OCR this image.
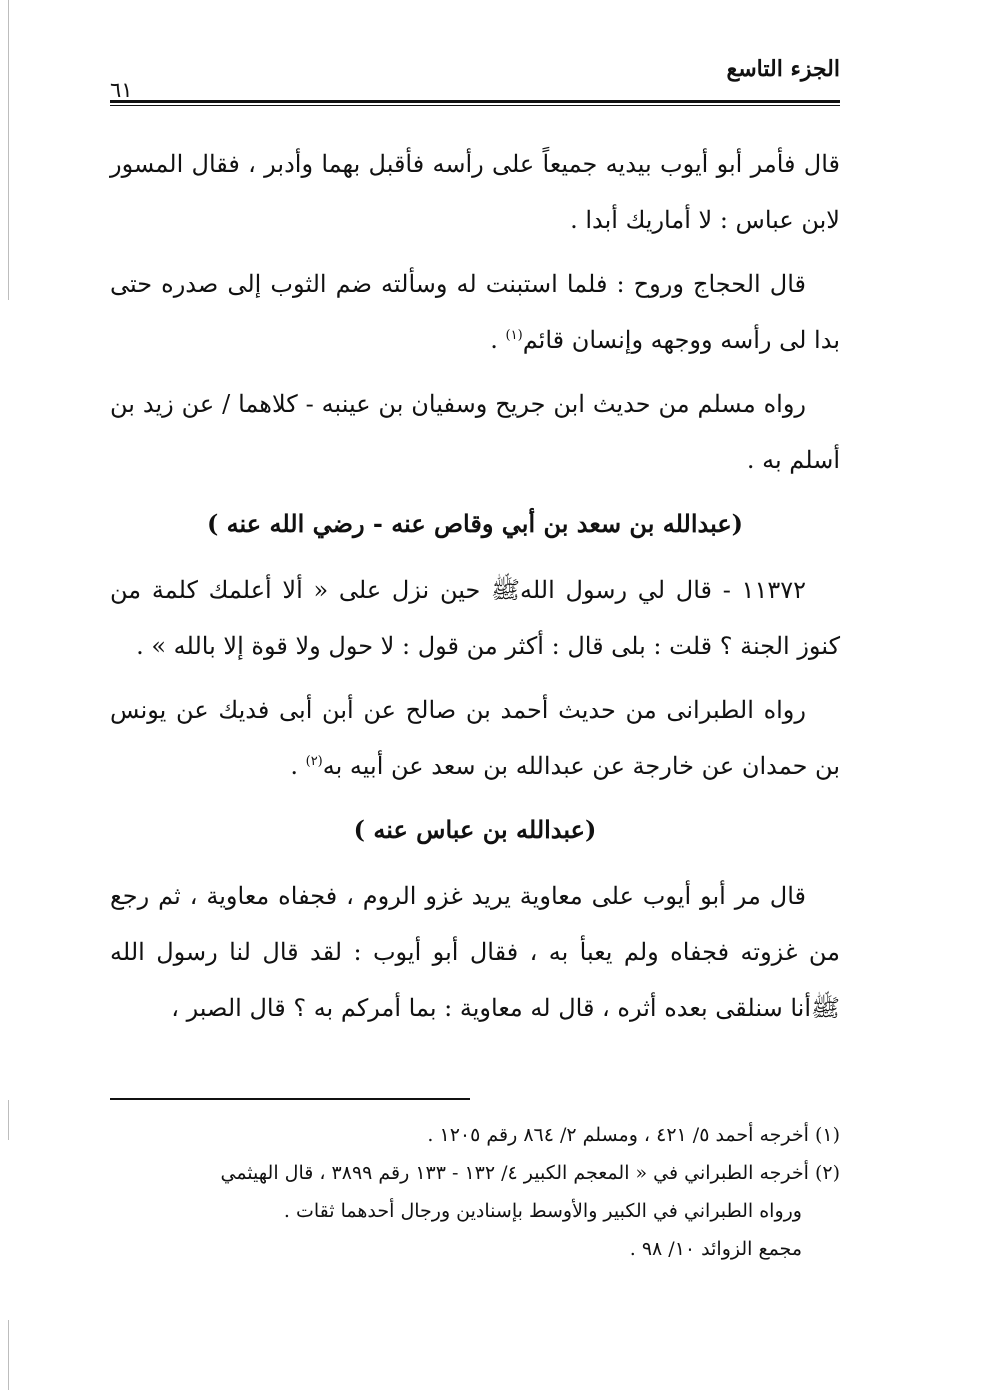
الجزء التاسع
٦١

قال فأمر أبو أيوب بيديه جميعاً على رأسه فأقبل بهما وأدبر ، فقال المسور لابن عباس : لا أماريك أبدا .

قال الحجاج وروح : فلما استبنت له وسألته ضم الثوب إلى صدره حتى بدا لى رأسه ووجهه وإنسان قائم$^{(١)}$ .

رواه مسلم من حديث ابن جريح وسفيان بن عينبه - كلاهما / عن زيد بن أسلم به .

(عبدالله بن سعد بن أبي وقاص عنه - رضي الله عنه )

١١٣٧٢ - قال لي رسول اللهﷺ حين نزل على « ألا أعلمك كلمة من كنوز الجنة ؟ قلت : بلى قال : أكثر من قول : لا حول ولا قوة إلا بالله » .

رواه الطبرانى من حديث أحمد بن صالح عن أبن أبى فديك عن يونس بن حمدان عن خارجة عن عبدالله بن سعد عن أبيه به$^{(٢)}$ .

(عبدالله بن عباس عنه )

قال مر أبو أيوب على معاوية يريد غزو الروم ، فجفاه معاوية ، ثم رجع من غزوته فجفاه ولم يعبأ به ، فقال أبو أيوب : لقد قال لنا رسول الله ﷺأنا سنلقى بعده أثره ، قال له معاوية : بما أمركم به ؟ قال الصبر ،

(١) أخرجه أحمد ٥/ ٤٢١ ، ومسلم ٢/ ٨٦٤ رقم ١٢٠٥ .

(٢) أخرجه الطبراني في « المعجم الكبير ٤/ ١٣٢ - ١٣٣ رقم ٣٨٩٩ ، قال الهيثمي

ورواه الطبراني في الكبير والأوسط بإسنادين ورجال أحدهما ثقات .

مجمع الزوائد ١٠/ ٩٨ .
